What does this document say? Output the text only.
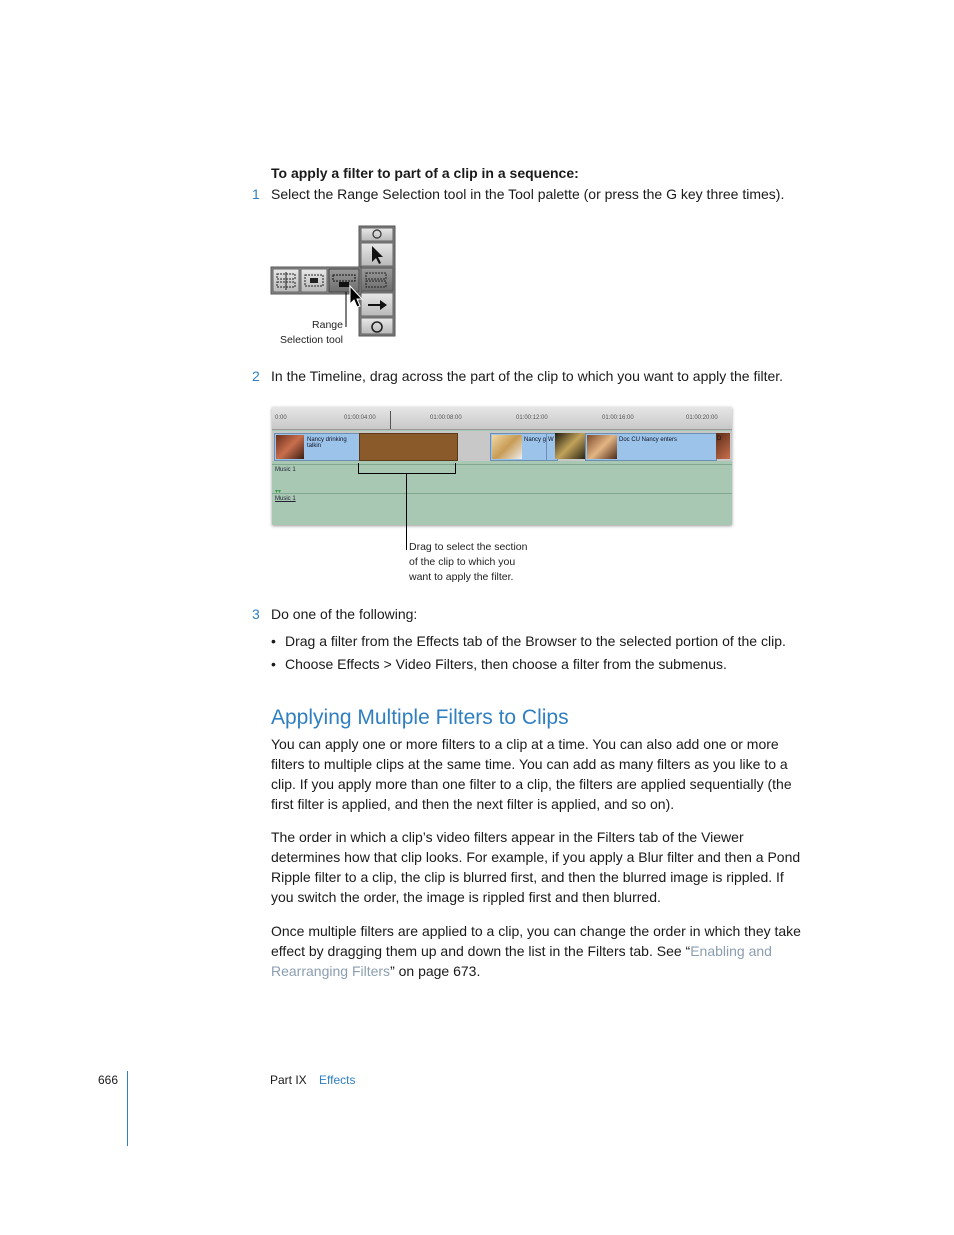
To apply a filter to part of a clip in a sequence:
1 Select the Range Selection tool in the Tool palette (or press the G key three times).
Range
Selection tool
2 In the Timeline, drag across the part of the clip to which you want to apply the filter.
0:00	01:00:04:00	01:00:08:00	01:00:12:00	01:00:16:00	01:00:20:00
Nancy drinking talkin
Nancy g W	Doc CU Nancy enters	D
Music 1
▾▾
Music 1
Drag to select the section
of the clip to which you
want to apply the filter.
3 Do one of the following:
• Drag a filter from the Effects tab of the Browser to the selected portion of the clip.
• Choose Effects > Video Filters, then choose a filter from the submenus.
Applying Multiple Filters to Clips
You can apply one or more filters to a clip at a time. You can also add one or more
filters to multiple clips at the same time. You can add as many filters as you like to a
clip. If you apply more than one filter to a clip, the filters are applied sequentially (the
first filter is applied, and then the next filter is applied, and so on).
The order in which a clip’s video filters appear in the Filters tab of the Viewer
determines how that clip looks. For example, if you apply a Blur filter and then a Pond
Ripple filter to a clip, the clip is blurred first, and then the blurred image is rippled. If
you switch the order, the image is rippled first and then blurred.
Once multiple filters are applied to a clip, you can change the order in which they take
effect by dragging them up and down the list in the Filters tab. See “Enabling and
Rearranging Filters” on page 673.
666	Part IX Effects
